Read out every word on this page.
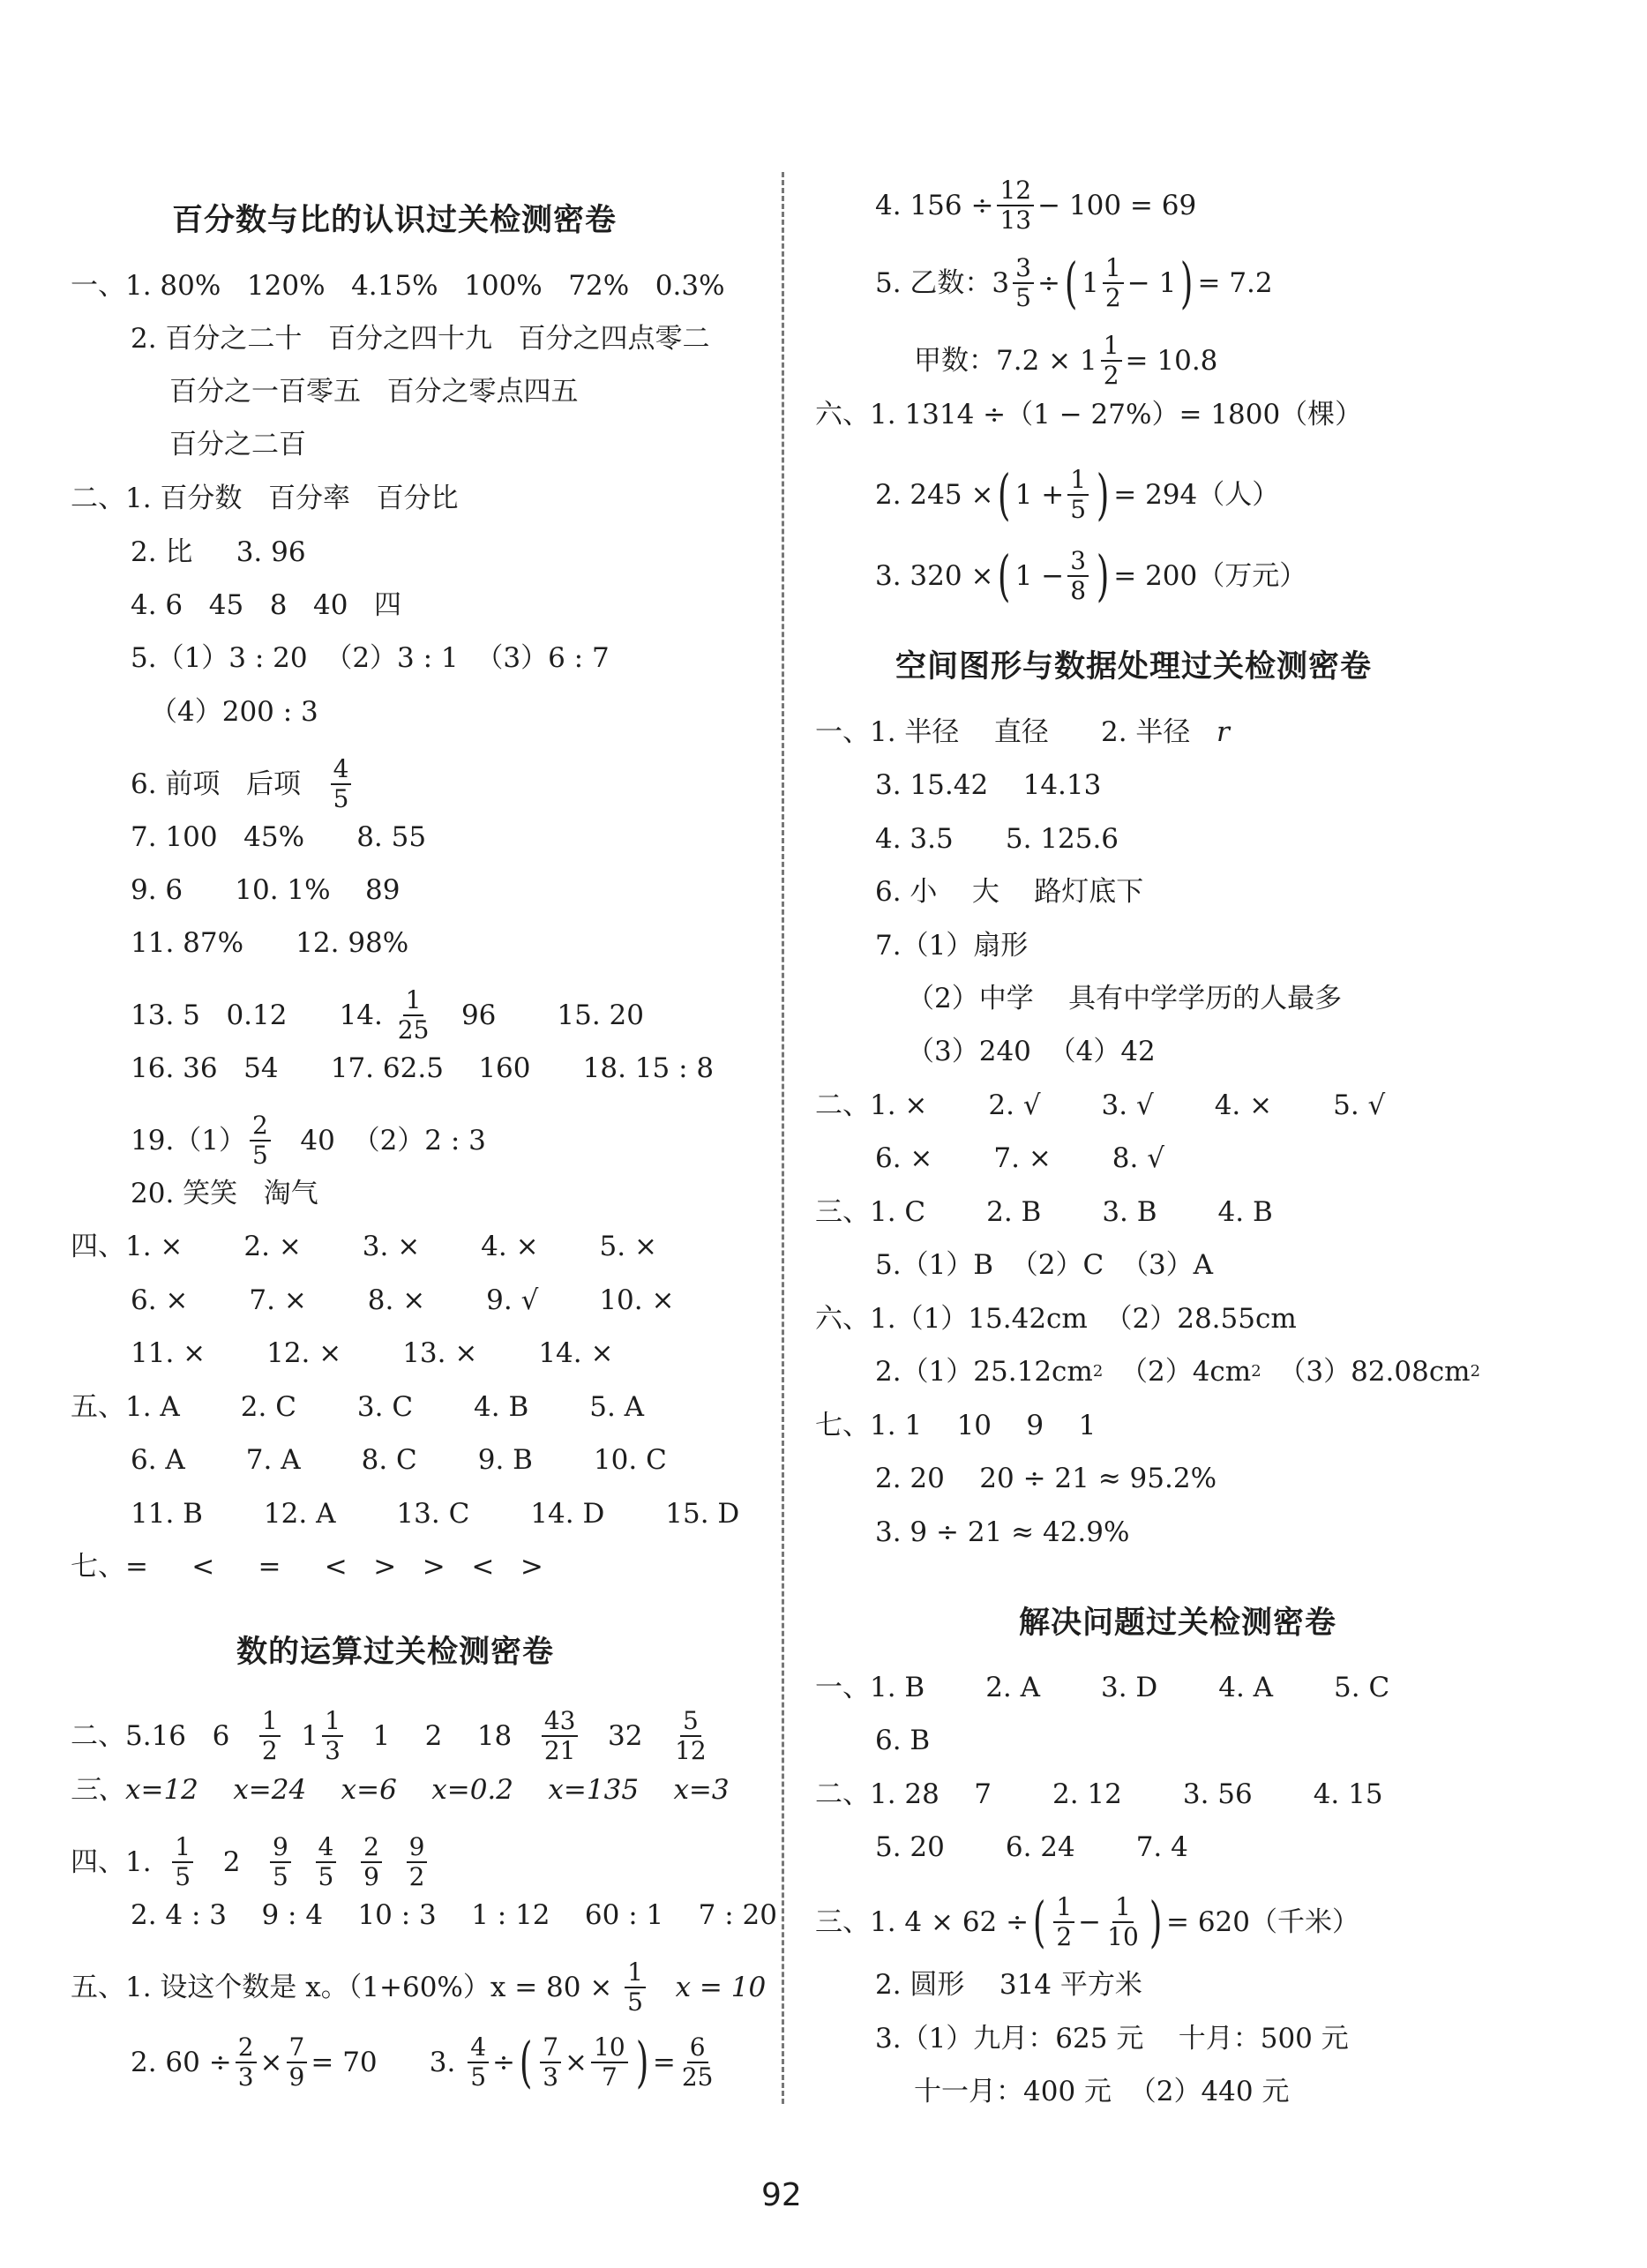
百分数与比的认识过关检测密卷
一、1. 80%   120%   4.15%   100%   72%   0.3%
2. 百分之二十   百分之四十九   百分之四点零二
百分之一百零五   百分之零点四五
百分之二百
二、1. 百分数   百分率   百分比
2. 比     3. 96
4. 6   45   8   40   四
5.（1）3 : 20  （2）3 : 1  （3）6 : 7
（4）200 : 3
6. 前项   后项
$\frac{4}{5}$
7. 100   45%      8. 55
9. 6      10. 1%    89
11. 87%      12. 98%
13. 5   0.12      14.
$\frac{1}{25}$
96       15. 20
16. 36   54      17. 62.5    160      18. 15 : 8
$19.(1) \frac{2}{5}$
40  （2）2 : 3
20. 笑笑   淘气
四、1. ×       2. ×       3. ×       4. ×       5. ×
6. ×       7. ×       8. ×       9. √       10. ×
11. ×       12. ×       13. ×       14. ×
五、1. A       2. C       3. C       4. B       5. A
6. A       7. A       8. C       9. B       10. C
11. B       12. A       13. C       14. D       15. D
七、=     <     =     <   >   >   <   >
数的运算过关检测密卷
二、5.16   6
$\frac{1}{2}$
$1 \frac{1}{3}$
1    2    18
$\frac{43}{21}$
32
$\frac{5}{12}$
三、x=12    x=24    x=6    x=0.2    x=135    x=3
四、1.
$\frac{1}{5}$
2
$\frac{9}{5}$
$\frac{4}{5}$
$\frac{2}{9}$
$\frac{9}{2}$
2. 4 : 3    9 : 4    10 : 3    1 : 12    60 : 1    7 : 20
五、1. 设这个数是 x。（1+60%）x = 80 ×
$\frac{1}{5}$
x = 10
2. $60 \div \frac{2}{3} \times \frac{7}{9} = 70$      3.
$\frac{4}{5}$ ÷ ( $\frac{7}{3} \times \frac{10}{7}$ ) = $\frac{6}{25}$
4. $156 \div \frac{12}{13} - 100 = 69$
5. 乙数：$3 \frac{3}{5}$ ÷ ( $1 \frac{1}{2} - 1$ ) = 7.2
甲数：$7.2 \times 1 \frac{1}{2} = 10.8$
六、1. 1314 ÷（1 − 27%）= 1800（棵）
2. 245 × ( $1 + \frac{1}{5}$ ) = 294（人）
3. 320 × ( $1 - \frac{3}{8}$ ) = 200（万元）
空间图形与数据处理过关检测密卷
一、1. 半径    直径      2. 半径 r
3. 15.42    14.13
4. 3.5      5. 125.6
6. 小    大    路灯底下
7.（1）扇形
（2）中学    具有中学学历的人最多
（3）240  （4）42
二、1. ×       2. √       3. √       4. ×       5. √
6. ×       7. ×       8. √
三、1. C       2. B       3. B       4. B
5.（1）B  （2）C  （3）A
六、1.（1）15.42cm  （2）28.55cm
2.（1）25.12cm 2 （2）4cm 2 （3）82.08cm 2
七、1. 1    10    9    1
2. 20    20 ÷ 21 ≈ 95.2%
3. 9 ÷ 21 ≈ 42.9%
解决问题过关检测密卷
一、1. B       2. A       3. D       4. A       5. C
6. B
二、1. 28    7       2. 12       3. 56       4. 15
5. 20       6. 24       7. 4
三、1. 4 × 62 ÷ ( $\frac{1}{2} - \frac{1}{10}$ ) = 620（千米）
2. 圆形    314 平方米
3.（1）九月：625 元    十月：500 元
十一月：400 元  （2）440 元
92
